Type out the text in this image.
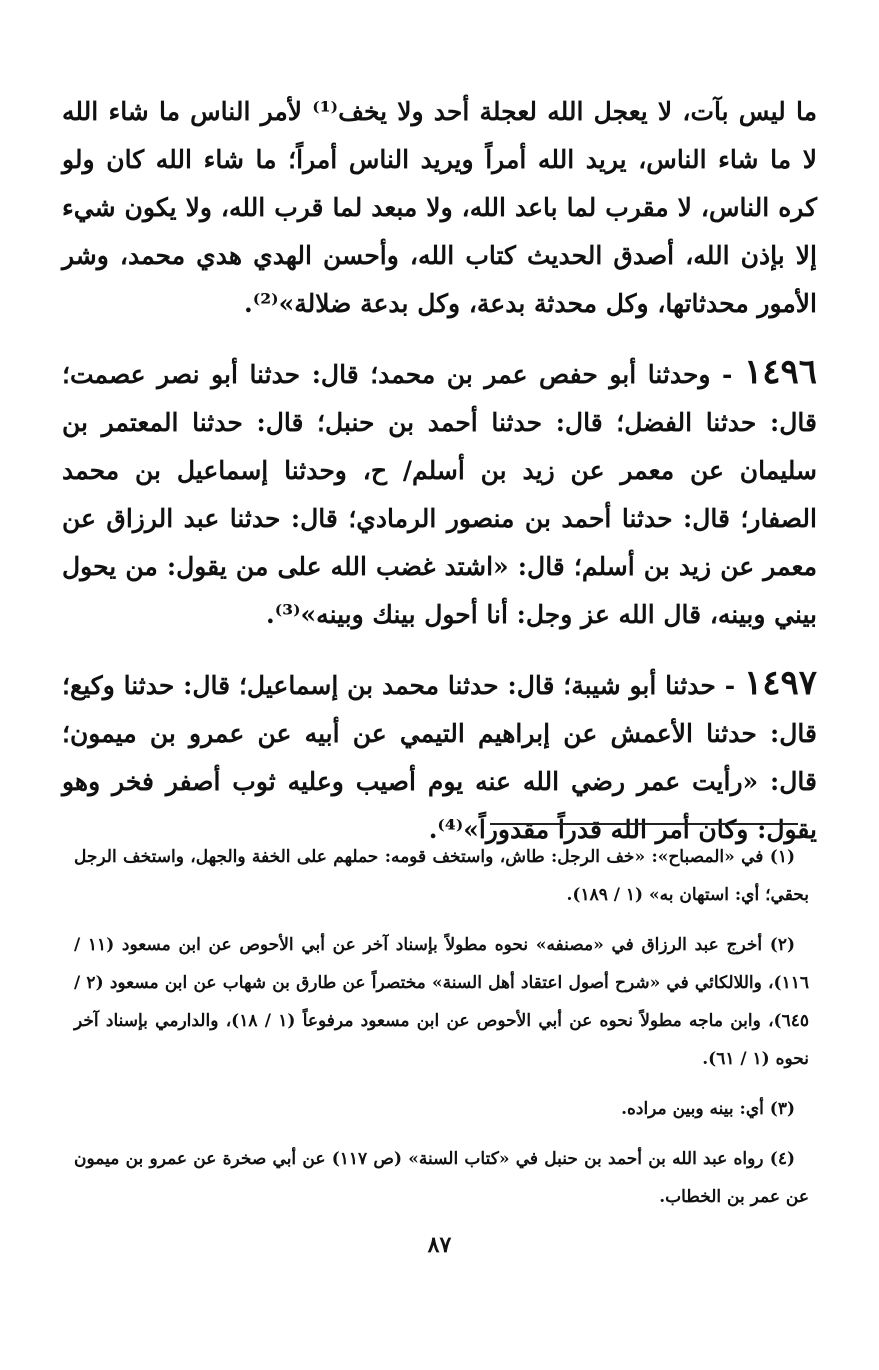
ما ليس بآت، لا يعجل الله لعجلة أحد ولا يخف⁽¹⁾ لأمر الناس ما شاء الله لا ما شاء الناس، يريد الله أمراً ويريد الناس أمراً؛ ما شاء الله كان ولو كره الناس، لا مقرب لما باعد الله، ولا مبعد لما قرب الله، ولا يكون شيء إلا بإذن الله، أصدق الحديث كتاب الله، وأحسن الهدي هدي محمد، وشر الأمور محدثاتها، وكل محدثة بدعة، وكل بدعة ضلالة»⁽²⁾.

١٤٩٦ - وحدثنا أبو حفص عمر بن محمد؛ قال: حدثنا أبو نصر عصمت؛ قال: حدثنا الفضل؛ قال: حدثنا أحمد بن حنبل؛ قال: حدثنا المعتمر بن سليمان عن معمر عن زيد بن أسلم/ ح، وحدثنا إسماعيل بن محمد الصفار؛ قال: حدثنا أحمد بن منصور الرمادي؛ قال: حدثنا عبد الرزاق عن معمر عن زيد بن أسلم؛ قال: «اشتد غضب الله على من يقول: من يحول بيني وبينه، قال الله عز وجل: أنا أحول بينك وبينه»⁽³⁾.

١٤٩٧ - حدثنا أبو شيبة؛ قال: حدثنا محمد بن إسماعيل؛ قال: حدثنا وكيع؛ قال: حدثنا الأعمش عن إبراهيم التيمي عن أبيه عن عمرو بن ميمون؛ قال: «رأيت عمر رضي الله عنه يوم أصيب وعليه ثوب أصفر فخر وهو يقول: وكان أمر الله قدراً مقدوراً»⁽⁴⁾.

(١) في «المصباح»: «خف الرجل: طاش، واستخف قومه: حملهم على الخفة والجهل، واستخف الرجل بحقي؛ أي: استهان به» (١ / ١٨٩).

(٢) أخرج عبد الرزاق في «مصنفه» نحوه مطولاً بإسناد آخر عن أبي الأحوص عن ابن مسعود (١١ / ١١٦)، واللالكائي في «شرح أصول اعتقاد أهل السنة» مختصراً عن طارق بن شهاب عن ابن مسعود (٢ / ٦٤٥)، وابن ماجه مطولاً نحوه عن أبي الأحوص عن ابن مسعود مرفوعاً (١ / ١٨)، والدارمي بإسناد آخر نحوه (١ / ٦١).

(٣) أي: بينه وبين مراده.

(٤) رواه عبد الله بن أحمد بن حنبل في «كتاب السنة» (ص ١١٧) عن أبي صخرة عن عمرو بن ميمون عن عمر بن الخطاب.

٨٧
